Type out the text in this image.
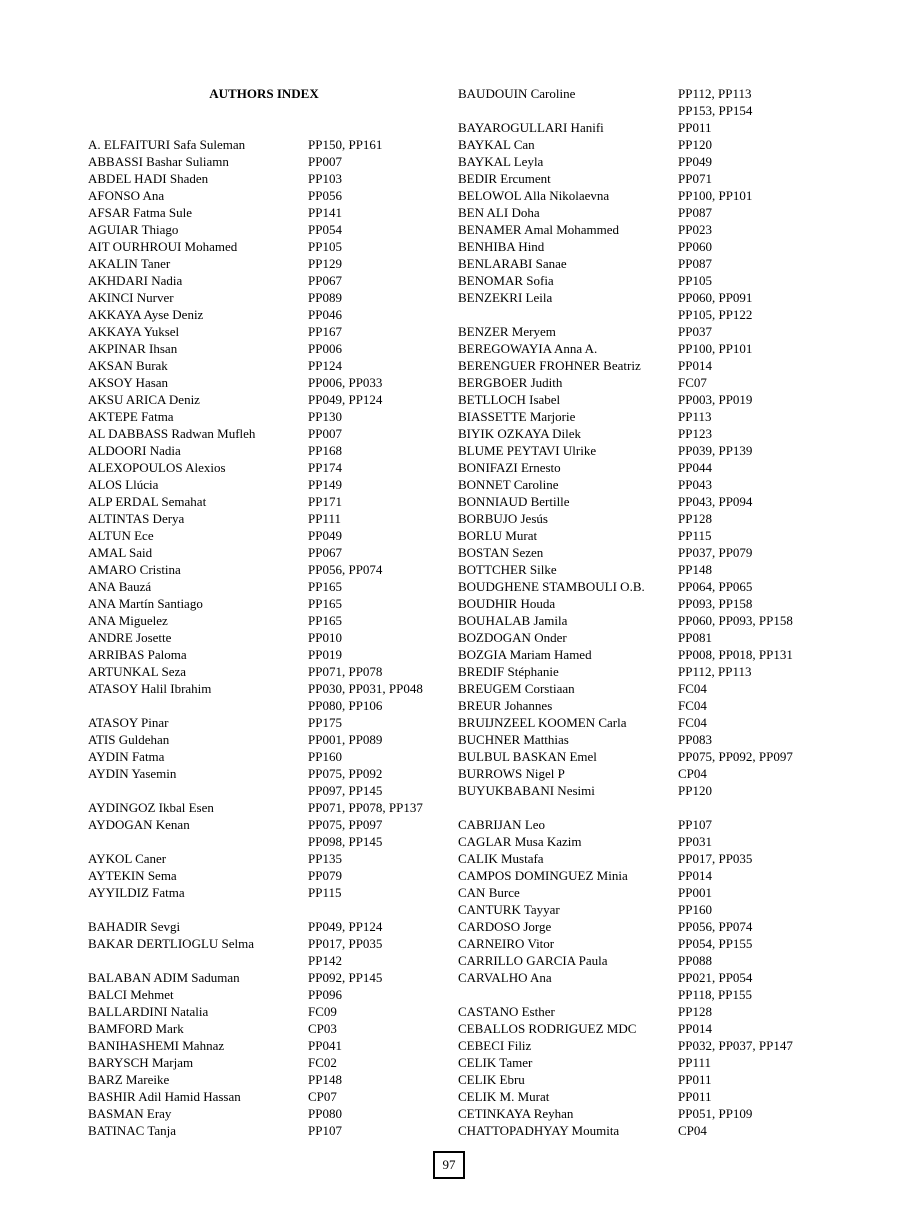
AUTHORS INDEX
A. ELFAITURI Safa Suleman	PP150, PP161
ABBASSI Bashar Suliamn	PP007
ABDEL HADI Shaden	PP103
AFONSO Ana	PP056
AFSAR Fatma Sule	PP141
AGUIAR Thiago	PP054
AIT OURHROUI Mohamed	PP105
AKALIN Taner	PP129
AKHDARI Nadia	PP067
AKINCI Nurver	PP089
AKKAYA Ayse Deniz	PP046
AKKAYA Yuksel	PP167
AKPINAR Ihsan	PP006
AKSAN Burak	PP124
AKSOY Hasan	PP006, PP033
AKSU ARICA Deniz	PP049, PP124
AKTEPE Fatma	PP130
AL DABBASS Radwan Mufleh	PP007
ALDOORI Nadia	PP168
ALEXOPOULOS Alexios	PP174
ALOS Llúcia	PP149
ALP ERDAL Semahat	PP171
ALTINTAS Derya	PP111
ALTUN Ece	PP049
AMAL Said	PP067
AMARO Cristina	PP056, PP074
ANA Bauzá	PP165
ANA Martín Santiago	PP165
ANA Miguelez	PP165
ANDRE Josette	PP010
ARRIBAS Paloma	PP019
ARTUNKAL Seza	PP071, PP078
ATASOY Halil Ibrahim	PP030, PP031, PP048
PP080, PP106
ATASOY Pinar	PP175
ATIS Guldehan	PP001, PP089
AYDIN Fatma	PP160
AYDIN Yasemin	PP075, PP092
PP097, PP145
AYDINGOZ Ikbal Esen	PP071, PP078, PP137
AYDOGAN Kenan	PP075, PP097
PP098, PP145
AYKOL Caner	PP135
AYTEKIN Sema	PP079
AYYILDIZ Fatma	PP115
BAHADIR Sevgi	PP049, PP124
BAKAR DERTLIOGLU Selma	PP017, PP035
PP142
BALABAN ADIM Saduman	PP092, PP145
BALCI Mehmet	PP096
BALLARDINI Natalia	FC09
BAMFORD Mark	CP03
BANIHASHEMI Mahnaz	PP041
BARYSCH Marjam	FC02
BARZ Mareike	PP148
BASHIR Adil Hamid Hassan	CP07
BASMAN Eray	PP080
BATINAC Tanja	PP107
BAUDOUIN Caroline	PP112, PP113
PP153, PP154
BAYAROGULLARI Hanifi	PP011
BAYKAL Can	PP120
BAYKAL Leyla	PP049
BEDIR Ercument	PP071
BELOWOL Alla Nikolaevna	PP100, PP101
BEN ALI Doha	PP087
BENAMER Amal Mohammed	PP023
BENHIBA Hind	PP060
BENLARABI Sanae	PP087
BENOMAR Sofia	PP105
BENZEKRI Leila	PP060, PP091
PP105, PP122
BENZER Meryem	PP037
BEREGOWAYIA Anna A.	PP100, PP101
BERENGUER FROHNER Beatriz	PP014
BERGBOER Judith	FC07
BETLLOCH Isabel	PP003, PP019
BIASSETTE Marjorie	PP113
BIYIK OZKAYA Dilek	PP123
BLUME PEYTAVI Ulrike	PP039, PP139
BONIFAZI Ernesto	PP044
BONNET Caroline	PP043
BONNIAUD Bertille	PP043, PP094
BORBUJO Jesús	PP128
BORLU Murat	PP115
BOSTAN Sezen	PP037, PP079
BOTTCHER Silke	PP148
BOUDGHENE STAMBOULI O.B.	PP064, PP065
BOUDHIR Houda	PP093, PP158
BOUHALAB Jamila	PP060, PP093, PP158
BOZDOGAN Onder	PP081
BOZGIA Mariam Hamed	PP008, PP018, PP131
BREDIF Stéphanie	PP112, PP113
BREUGEM Corstiaan	FC04
BREUR Johannes	FC04
BRUIJNZEEL KOOMEN Carla	FC04
BUCHNER Matthias	PP083
BULBUL BASKAN Emel	PP075, PP092, PP097
BURROWS Nigel P	CP04
BUYUKBABANI Nesimi	PP120
CABRIJAN Leo	PP107
CAGLAR Musa Kazim	PP031
CALIK Mustafa	PP017, PP035
CAMPOS DOMINGUEZ Minia	PP014
CAN Burce	PP001
CANTURK Tayyar	PP160
CARDOSO Jorge	PP056, PP074
CARNEIRO Vitor	PP054, PP155
CARRILLO GARCIA Paula	PP088
CARVALHO Ana	PP021, PP054
PP118, PP155
CASTANO Esther	PP128
CEBALLOS RODRIGUEZ MDC	PP014
CEBECI Filiz	PP032, PP037, PP147
CELIK Tamer	PP111
CELIK Ebru	PP011
CELIK M. Murat	PP011
CETINKAYA Reyhan	PP051, PP109
CHATTOPADHYAY Moumita	CP04
97
